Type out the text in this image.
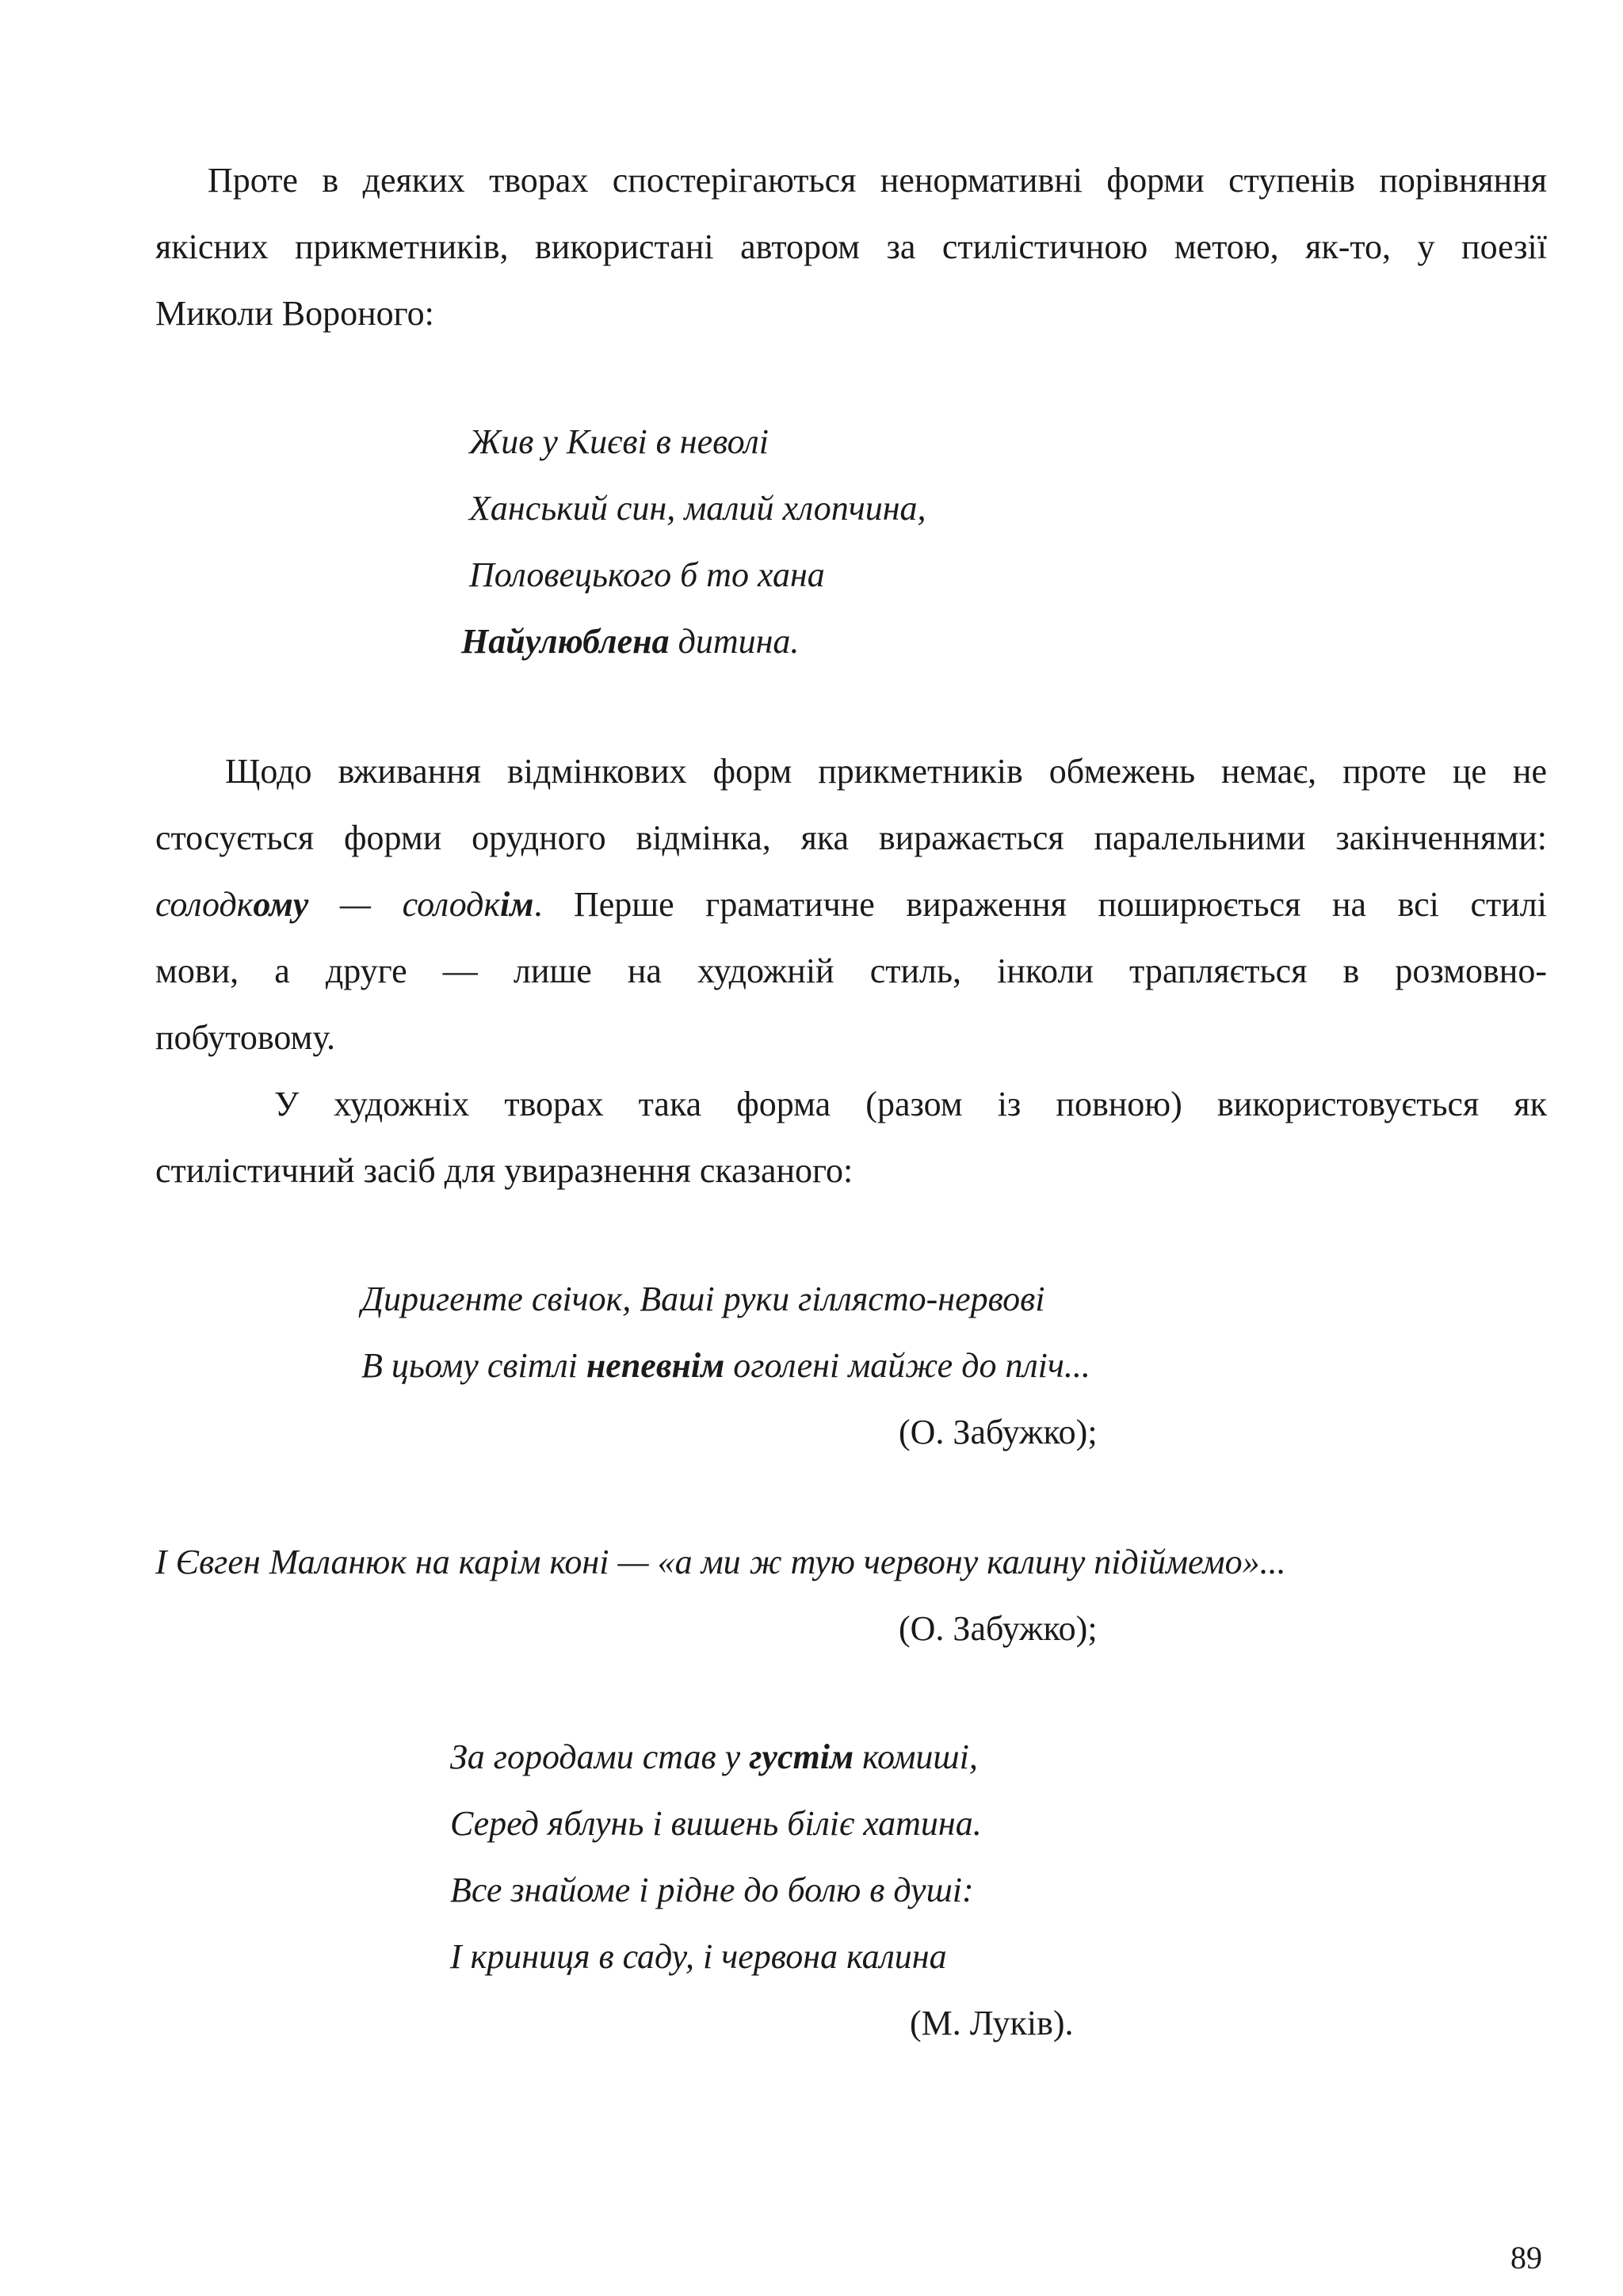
Проте в деяких творах спостерігаються ненормативні форми ступенів порівняння
якісних прикметників, використані автором за стилістичною метою, як-то, у поезії
Миколи Вороного:
Жив у Києві в неволі
Ханський син, малий хлопчина,
Половецького б то хана
Найулюблена дитина.
Щодо вживання відмінкових форм прикметників обмежень немає, проте це не
стосується форми орудного відмінка, яка виражається паралельними закінченнями:
солодкому — солодкім. Перше граматичне вираження поширюється на всі стилі
мови, а друге — лише на художній стиль, інколи трапляється в розмовно-
побутовому.
У художніх творах така форма (разом із повною) використовується як
стилістичний засіб для увиразнення сказаного:
Диригенте свічок, Ваші руки гіллясто-нервові
В цьому світлі непевнім оголені майже до пліч...
(О. Забужко);
І Євген Маланюк на карім коні — «а ми ж тую червону калину підіймемо»...
(О. Забужко);
За городами став у густім комиші,
Серед яблунь і вишень біліє хатина.
Все знайоме і рідне до болю в душі:
І криниця в саду, і червона калина
(М. Луків).
89
